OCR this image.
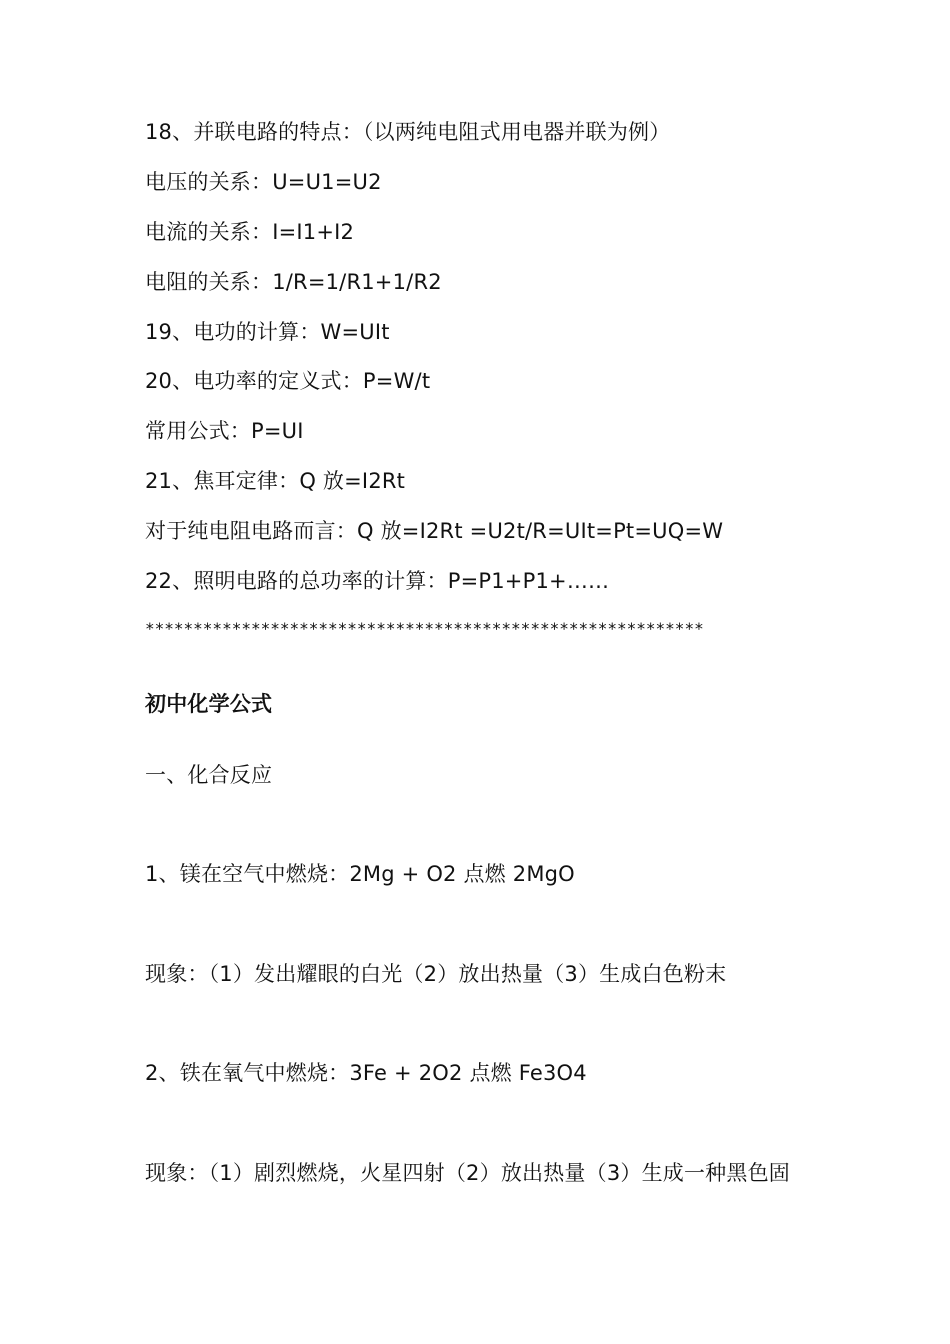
18、并联电路的特点：（以两纯电阻式用电器并联为例）
电压的关系：U=U1=U2
电流的关系：I=I1+I2
电阻的关系：1/R=1/R1+1/R2
19、电功的计算：W=UIt
20、电功率的定义式：P=W/t
常用公式：P=UI
21、焦耳定律：Q 放=I2Rt
对于纯电阻电路而言：Q 放=I2Rt =U2t/R=UIt=Pt=UQ=W
22、照明电路的总功率的计算：P=P1+P1+……
**********************************************************
初中化学公式
一、化合反应
1、镁在空气中燃烧：2Mg + O2 点燃 2MgO
现象：（1）发出耀眼的白光（2）放出热量（3）生成白色粉末
2、铁在氧气中燃烧：3Fe + 2O2 点燃 Fe3O4
现象：（1）剧烈燃烧，火星四射（2）放出热量（3）生成一种黑色固
